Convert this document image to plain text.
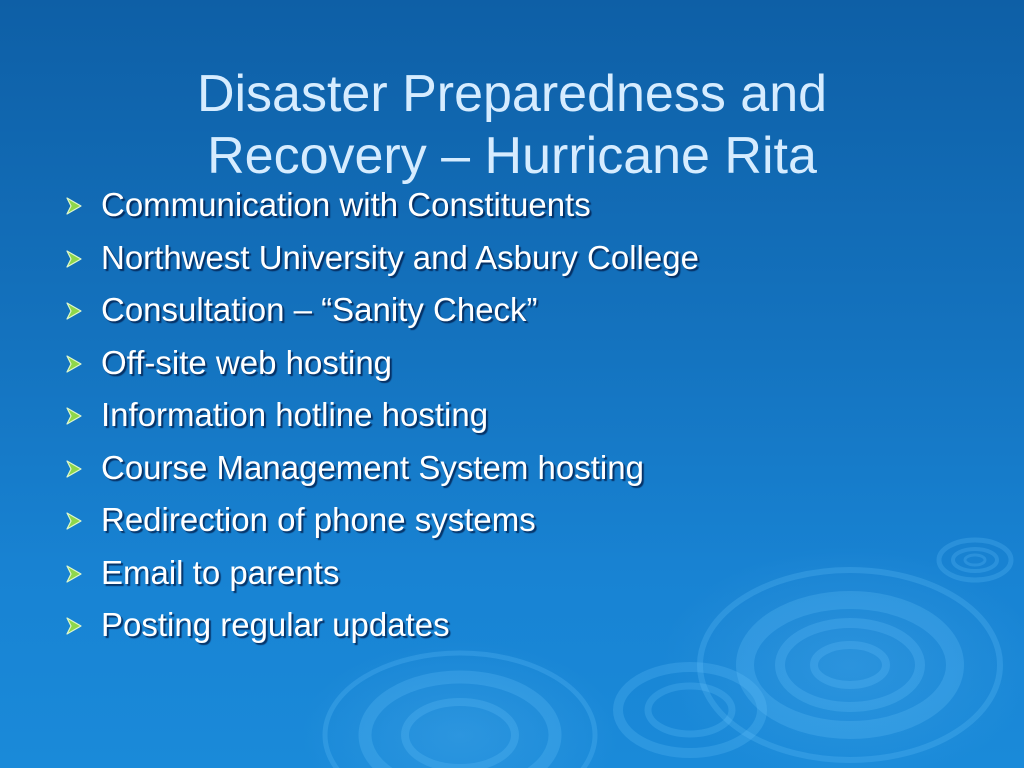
Disaster Preparedness and
Recovery – Hurricane Rita
Communication with Constituents
Northwest University and Asbury College
Consultation – “Sanity Check”
Off-site web hosting
Information hotline hosting
Course Management System hosting
Redirection of phone systems
Email to parents
Posting regular updates
